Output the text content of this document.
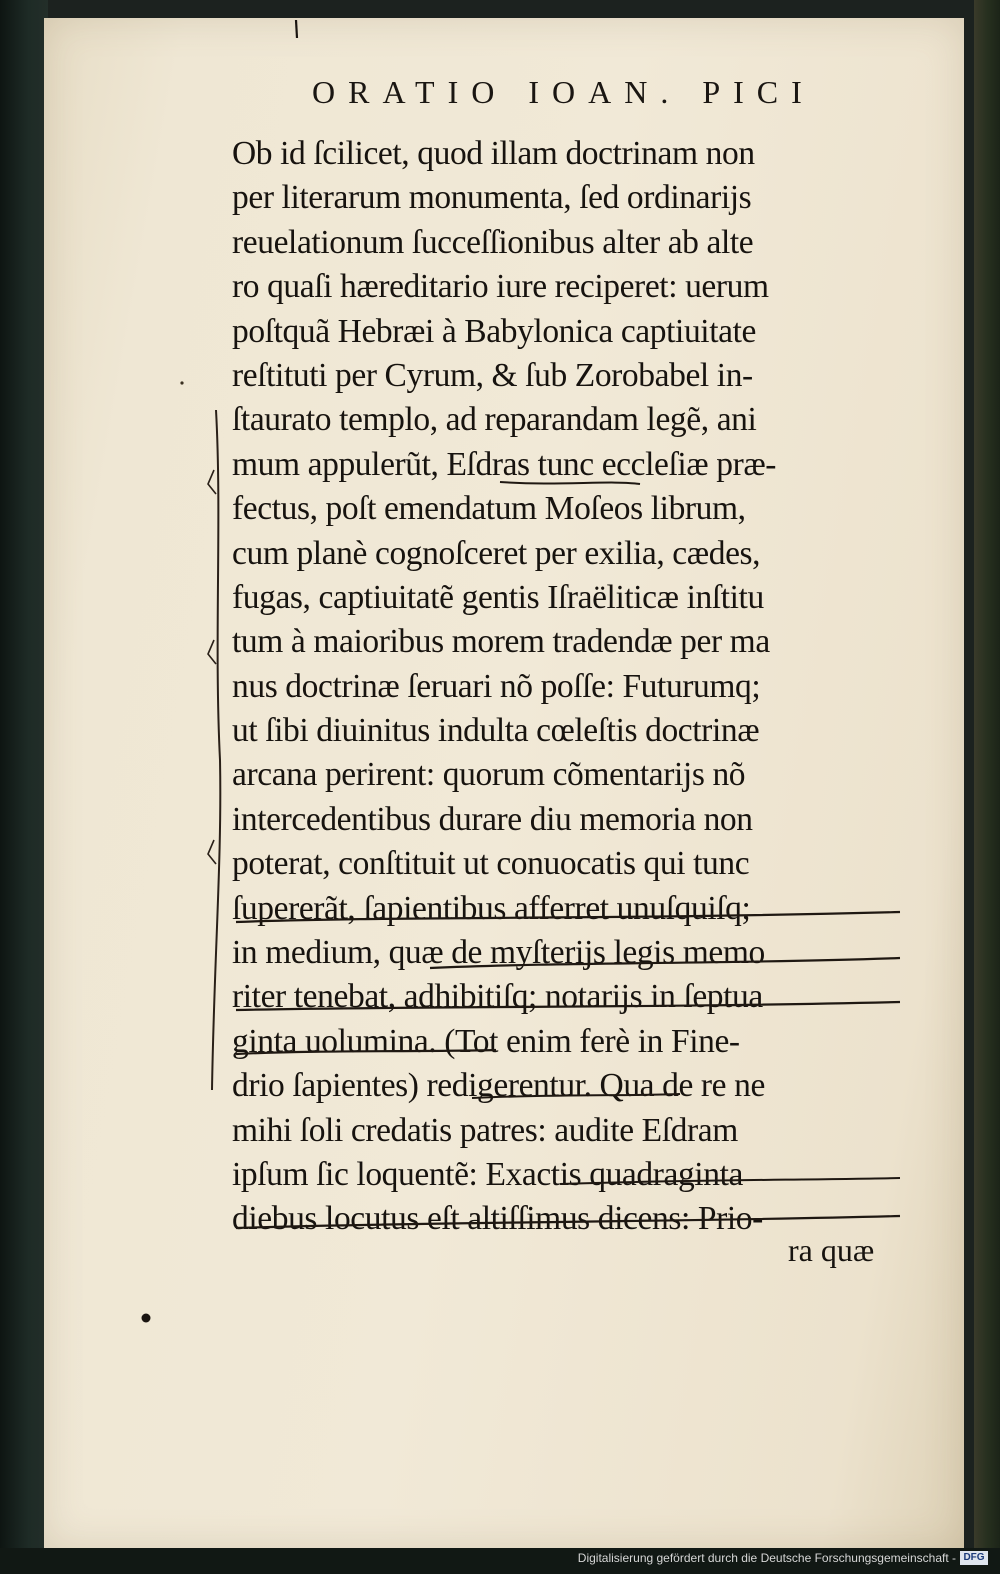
ORATIO IOAN. PICI
Ob id ſcilicet, quod illam doctrinam non
per literarum monumenta, ſed ordinarijs
reuelationum ſucceſſionibus alter ab alte
ro quaſi hæreditario iure reciperet: uerum
poſtquã Hebræi à Babylonica captiuitate
reſtituti per Cyrum, & ſub Zorobabel in-
ſtaurato templo, ad reparandam legẽ, ani
mum appulerũt, Eſdras tunc eccleſiæ præ-
fectus, poſt emendatum Moſeos librum,
cum planè cognoſceret per exilia, cædes,
fugas, captiuitatẽ gentis Iſraëliticæ inſtitu
tum à maioribus morem tradendæ per ma
nus doctrinæ ſeruari nõ poſſe: Futurumq;
ut ſibi diuinitus indulta cœleſtis doctrinæ
arcana perirent: quorum cõmentarijs nõ
intercedentibus durare diu memoria non
poterat, conſtituit ut conuocatis qui tunc
ſupererãt, ſapientibus afferret unuſquiſq;
in medium, quæ de myſterijs legis memo
riter tenebat, adhibitiſq; notarijs in ſeptua
ginta uolumina. (Tot enim ferè in Fine-
drio ſapientes) redigerentur. Qua de re ne
mihi ſoli credatis patres: audite Eſdram
ipſum ſic loquentẽ: Exactis quadraginta
diebus locutus eſt altiſſimus dicens: Prio-
ra quæ
Digitalisierung gefördert durch die Deutsche Forschungsgemeinschaft - DFG
